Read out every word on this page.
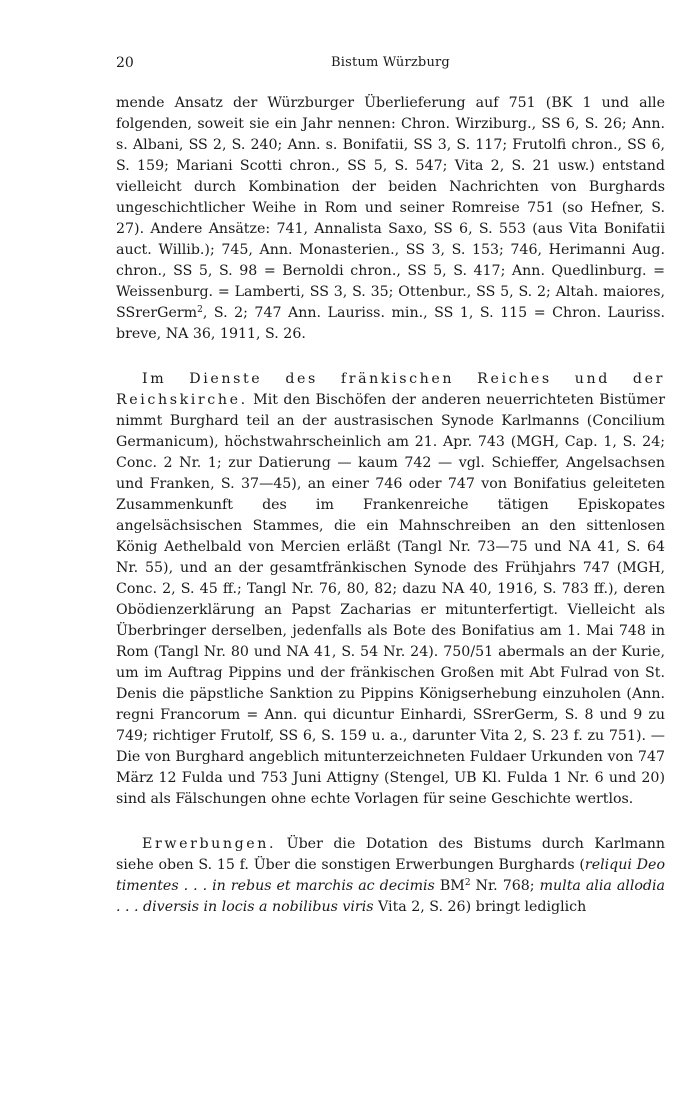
20	Bistum Würzburg

mende Ansatz der Würzburger Überlieferung auf 751 (BK 1 und alle folgenden, soweit sie ein Jahr nennen: Chron. Wirziburg., SS 6, S. 26; Ann. s. Albani, SS 2, S. 240; Ann. s. Bonifatii, SS 3, S. 117; Frutolfi chron., SS 6, S. 159; Mariani Scotti chron., SS 5, S. 547; Vita 2, S. 21 usw.) entstand vielleicht durch Kombination der beiden Nachrichten von Burghards ungeschichtlicher Weihe in Rom und seiner Romreise 751 (so Hefner, S. 27). Andere Ansätze: 741, Annalista Saxo, SS 6, S. 553 (aus Vita Bonifatii auct. Willib.); 745, Ann. Monasterien., SS 3, S. 153; 746, Herimanni Aug. chron., SS 5, S. 98 = Bernoldi chron., SS 5, S. 417; Ann. Quedlinburg. = Weissenburg. = Lamberti, SS 3, S. 35; Ottenbur., SS 5, S. 2; Altah. maiores, SSrerGerm$^2$, S. 2; 747 Ann. Lauriss. min., SS 1, S. 115 = Chron. Lauriss. breve, NA 36, 1911, S. 26.

Im Dienste des fränkischen Reiches und der Reichskirche. Mit den Bischöfen der anderen neuerrichteten Bistümer nimmt Burghard teil an der austrasischen Synode Karlmanns (Concilium Germanicum), höchstwahrscheinlich am 21. Apr. 743 (MGH, Cap. 1, S. 24; Conc. 2 Nr. 1; zur Datierung — kaum 742 — vgl. Schieffer, Angelsachsen und Franken, S. 37—45), an einer 746 oder 747 von Bonifatius geleiteten Zusammenkunft des im Frankenreiche tätigen Episkopates angelsächsischen Stammes, die ein Mahnschreiben an den sittenlosen König Aethelbald von Mercien erläßt (Tangl Nr. 73—75 und NA 41, S. 64 Nr. 55), und an der gesamtfränkischen Synode des Frühjahrs 747 (MGH, Conc. 2, S. 45 ff.; Tangl Nr. 76, 80, 82; dazu NA 40, 1916, S. 783 ff.), deren Obödienzerklärung an Papst Zacharias er mitunterfertigt. Vielleicht als Überbringer derselben, jedenfalls als Bote des Bonifatius am 1. Mai 748 in Rom (Tangl Nr. 80 und NA 41, S. 54 Nr. 24). 750/51 abermals an der Kurie, um im Auftrag Pippins und der fränkischen Großen mit Abt Fulrad von St. Denis die päpstliche Sanktion zu Pippins Königserhebung einzuholen (Ann. regni Francorum = Ann. qui dicuntur Einhardi, SSrerGerm, S. 8 und 9 zu 749; richtiger Frutolf, SS 6, S. 159 u. a., darunter Vita 2, S. 23 f. zu 751). — Die von Burghard angeblich mitunterzeichneten Fuldaer Urkunden von 747 März 12 Fulda und 753 Juni Attigny (Stengel, UB Kl. Fulda 1 Nr. 6 und 20) sind als Fälschungen ohne echte Vorlagen für seine Geschichte wertlos.

Erwerbungen. Über die Dotation des Bistums durch Karlmann siehe oben S. 15 f. Über die sonstigen Erwerbungen Burghards (reliqui Deo timentes . . . in rebus et marchis ac decimis $BM^2$ Nr. 768; multa alia allodia . . . diversis in locis a nobilibus viris Vita 2, S. 26) bringt lediglich
